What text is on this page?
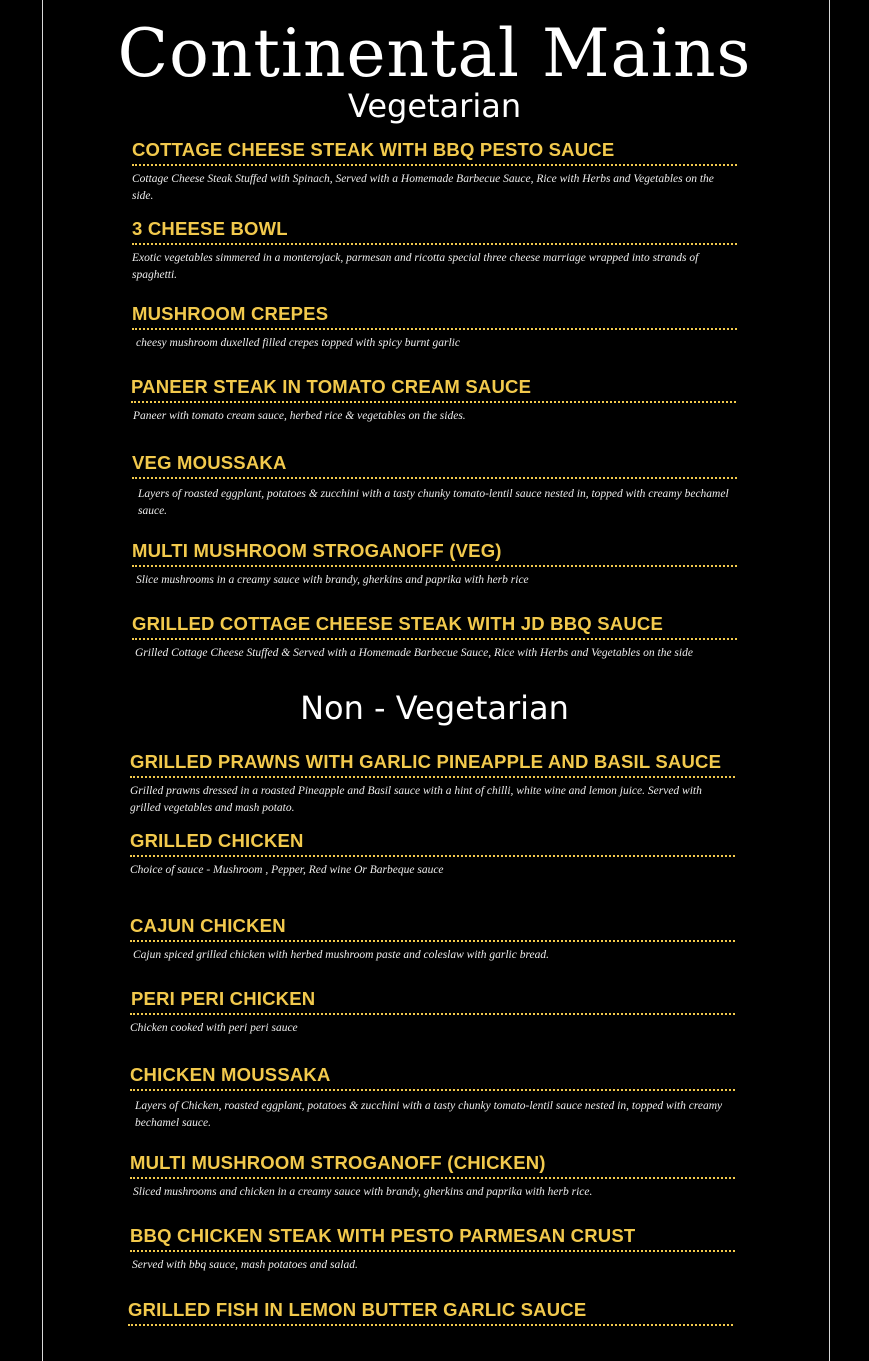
Continental Mains
Vegetarian
COTTAGE CHEESE STEAK WITH BBQ PESTO SAUCE
Cottage Cheese Steak Stuffed with Spinach, Served with a Homemade Barbecue Sauce, Rice with Herbs and Vegetables on the side.
3 CHEESE BOWL
Exotic vegetables simmered in a monterojack, parmesan and ricotta special three cheese marriage wrapped into strands of spaghetti.
MUSHROOM CREPES
cheesy mushroom duxelled filled crepes topped with spicy burnt garlic
PANEER STEAK IN TOMATO CREAM SAUCE
Paneer with tomato cream sauce, herbed rice & vegetables on the sides.
VEG MOUSSAKA
Layers of roasted eggplant, potatoes & zucchini with a tasty chunky tomato-lentil sauce nested in, topped with creamy bechamel sauce.
MULTI MUSHROOM STROGANOFF (VEG)
Slice mushrooms in a creamy sauce with brandy, gherkins and paprika with herb rice
GRILLED COTTAGE CHEESE STEAK WITH JD BBQ SAUCE
Grilled Cottage Cheese Stuffed & Served with a Homemade Barbecue Sauce, Rice with Herbs and Vegetables on the side
Non - Vegetarian
GRILLED PRAWNS WITH GARLIC PINEAPPLE AND BASIL SAUCE
Grilled prawns dressed in a roasted Pineapple and Basil sauce with a hint of chilli, white wine and lemon juice. Served with grilled vegetables and mash potato.
GRILLED CHICKEN
Choice of sauce - Mushroom , Pepper, Red wine Or Barbeque sauce
CAJUN CHICKEN
Cajun spiced grilled chicken with herbed mushroom paste and coleslaw with garlic bread.
PERI PERI CHICKEN
Chicken cooked with peri peri sauce
CHICKEN MOUSSAKA
Layers of Chicken, roasted eggplant, potatoes & zucchini with a tasty chunky tomato-lentil sauce nested in, topped with creamy bechamel sauce.
MULTI MUSHROOM STROGANOFF (CHICKEN)
Sliced mushrooms and chicken in a creamy sauce with brandy, gherkins and paprika with herb rice.
BBQ CHICKEN STEAK WITH PESTO PARMESAN CRUST
Served with bbq sauce, mash potatoes and salad.
GRILLED FISH IN LEMON BUTTER GARLIC SAUCE
